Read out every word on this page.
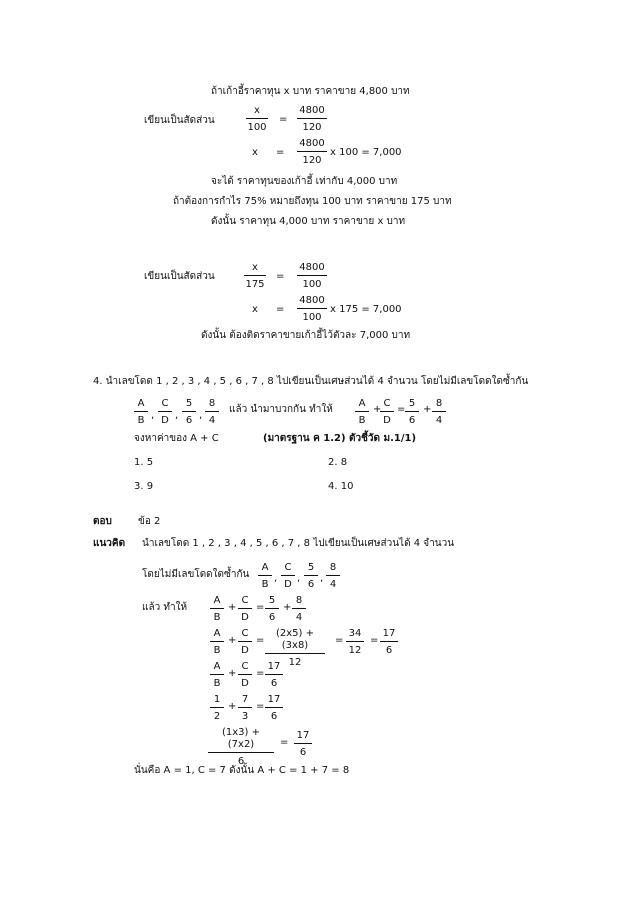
ถ้าเก้าอี้ราคาทุน x บาท ราคาขาย 4,800 บาท
เขียนเป็นสัดส่วน	$\frac{x}{100} = \frac{4800}{120}$
$x = \frac{4800}{120}$ x 100 = 7,000
จะได้ ราคาทุนของเก้าอี้ เท่ากับ 4,000 บาท
ถ้าต้องการกำไร 75% หมายถึงทุน 100 บาท ราคาขาย 175 บาท
ดังนั้น ราคาทุน 4,000 บาท ราคาขาย x บาท
เขียนเป็นสัดส่วน	$\frac{x}{175} = \frac{4800}{100}$
$x = \frac{4800}{100}$ x 175 = 7,000
ดังนั้น ต้องติดราคาขายเก้าอี้ไว้ตัวละ 7,000 บาท
4. นำเลขโดด 1 , 2 , 3 , 4 , 5 , 6 , 7 , 8 ไปเขียนเป็นเศษส่วนได้ 4 จำนวน โดยไม่มีเลขโดดใดซ้ำกัน
$\frac{A}{B}$ , $\frac{C}{D}$ , $\frac{5}{6}$ , $\frac{8}{4}$ แล้ว นำมาบวกกัน ทำให้ $\frac{A}{B}$ +
$\frac{C}{D} = \frac{5}{6} + \frac{8}{4}$
จงหาค่าของ A + C	(มาตรฐาน ค 1.2) ตัวชี้วัด ม.1/1)
1. 5	2. 8
3. 9	4. 10
ตอบ	ข้อ 2
แนวคิด นำเลขโดด 1 , 2 , 3 , 4 , 5 , 6 , 7 , 8 ไปเขียนเป็นเศษส่วนได้ 4 จำนวน
โดยไม่มีเลขโดดใดซ้ำกัน $\frac{A}{B}$ , $\frac{C}{D}$ , $\frac{5}{6}$ , $\frac{8}{4}$
แล้ว ทำให้ $\frac{A}{B} + \frac{C}{D} = \frac{5}{6} + \frac{8}{4}$
$\frac{A}{B} + \frac{C}{D} = \frac{(2x5) + (3x8)}{12} = \frac{34}{12} = \frac{17}{6}$
$\frac{A}{B} + \frac{C}{D} = \frac{17}{6}$
$\frac{1}{2} + \frac{7}{3} = \frac{17}{6}$
$\frac{(1x3) + (7x2)}{6} = \frac{17}{6}$
นั่นคือ A = 1, C = 7 ดังนั้น A + C = 1 + 7 = 8
